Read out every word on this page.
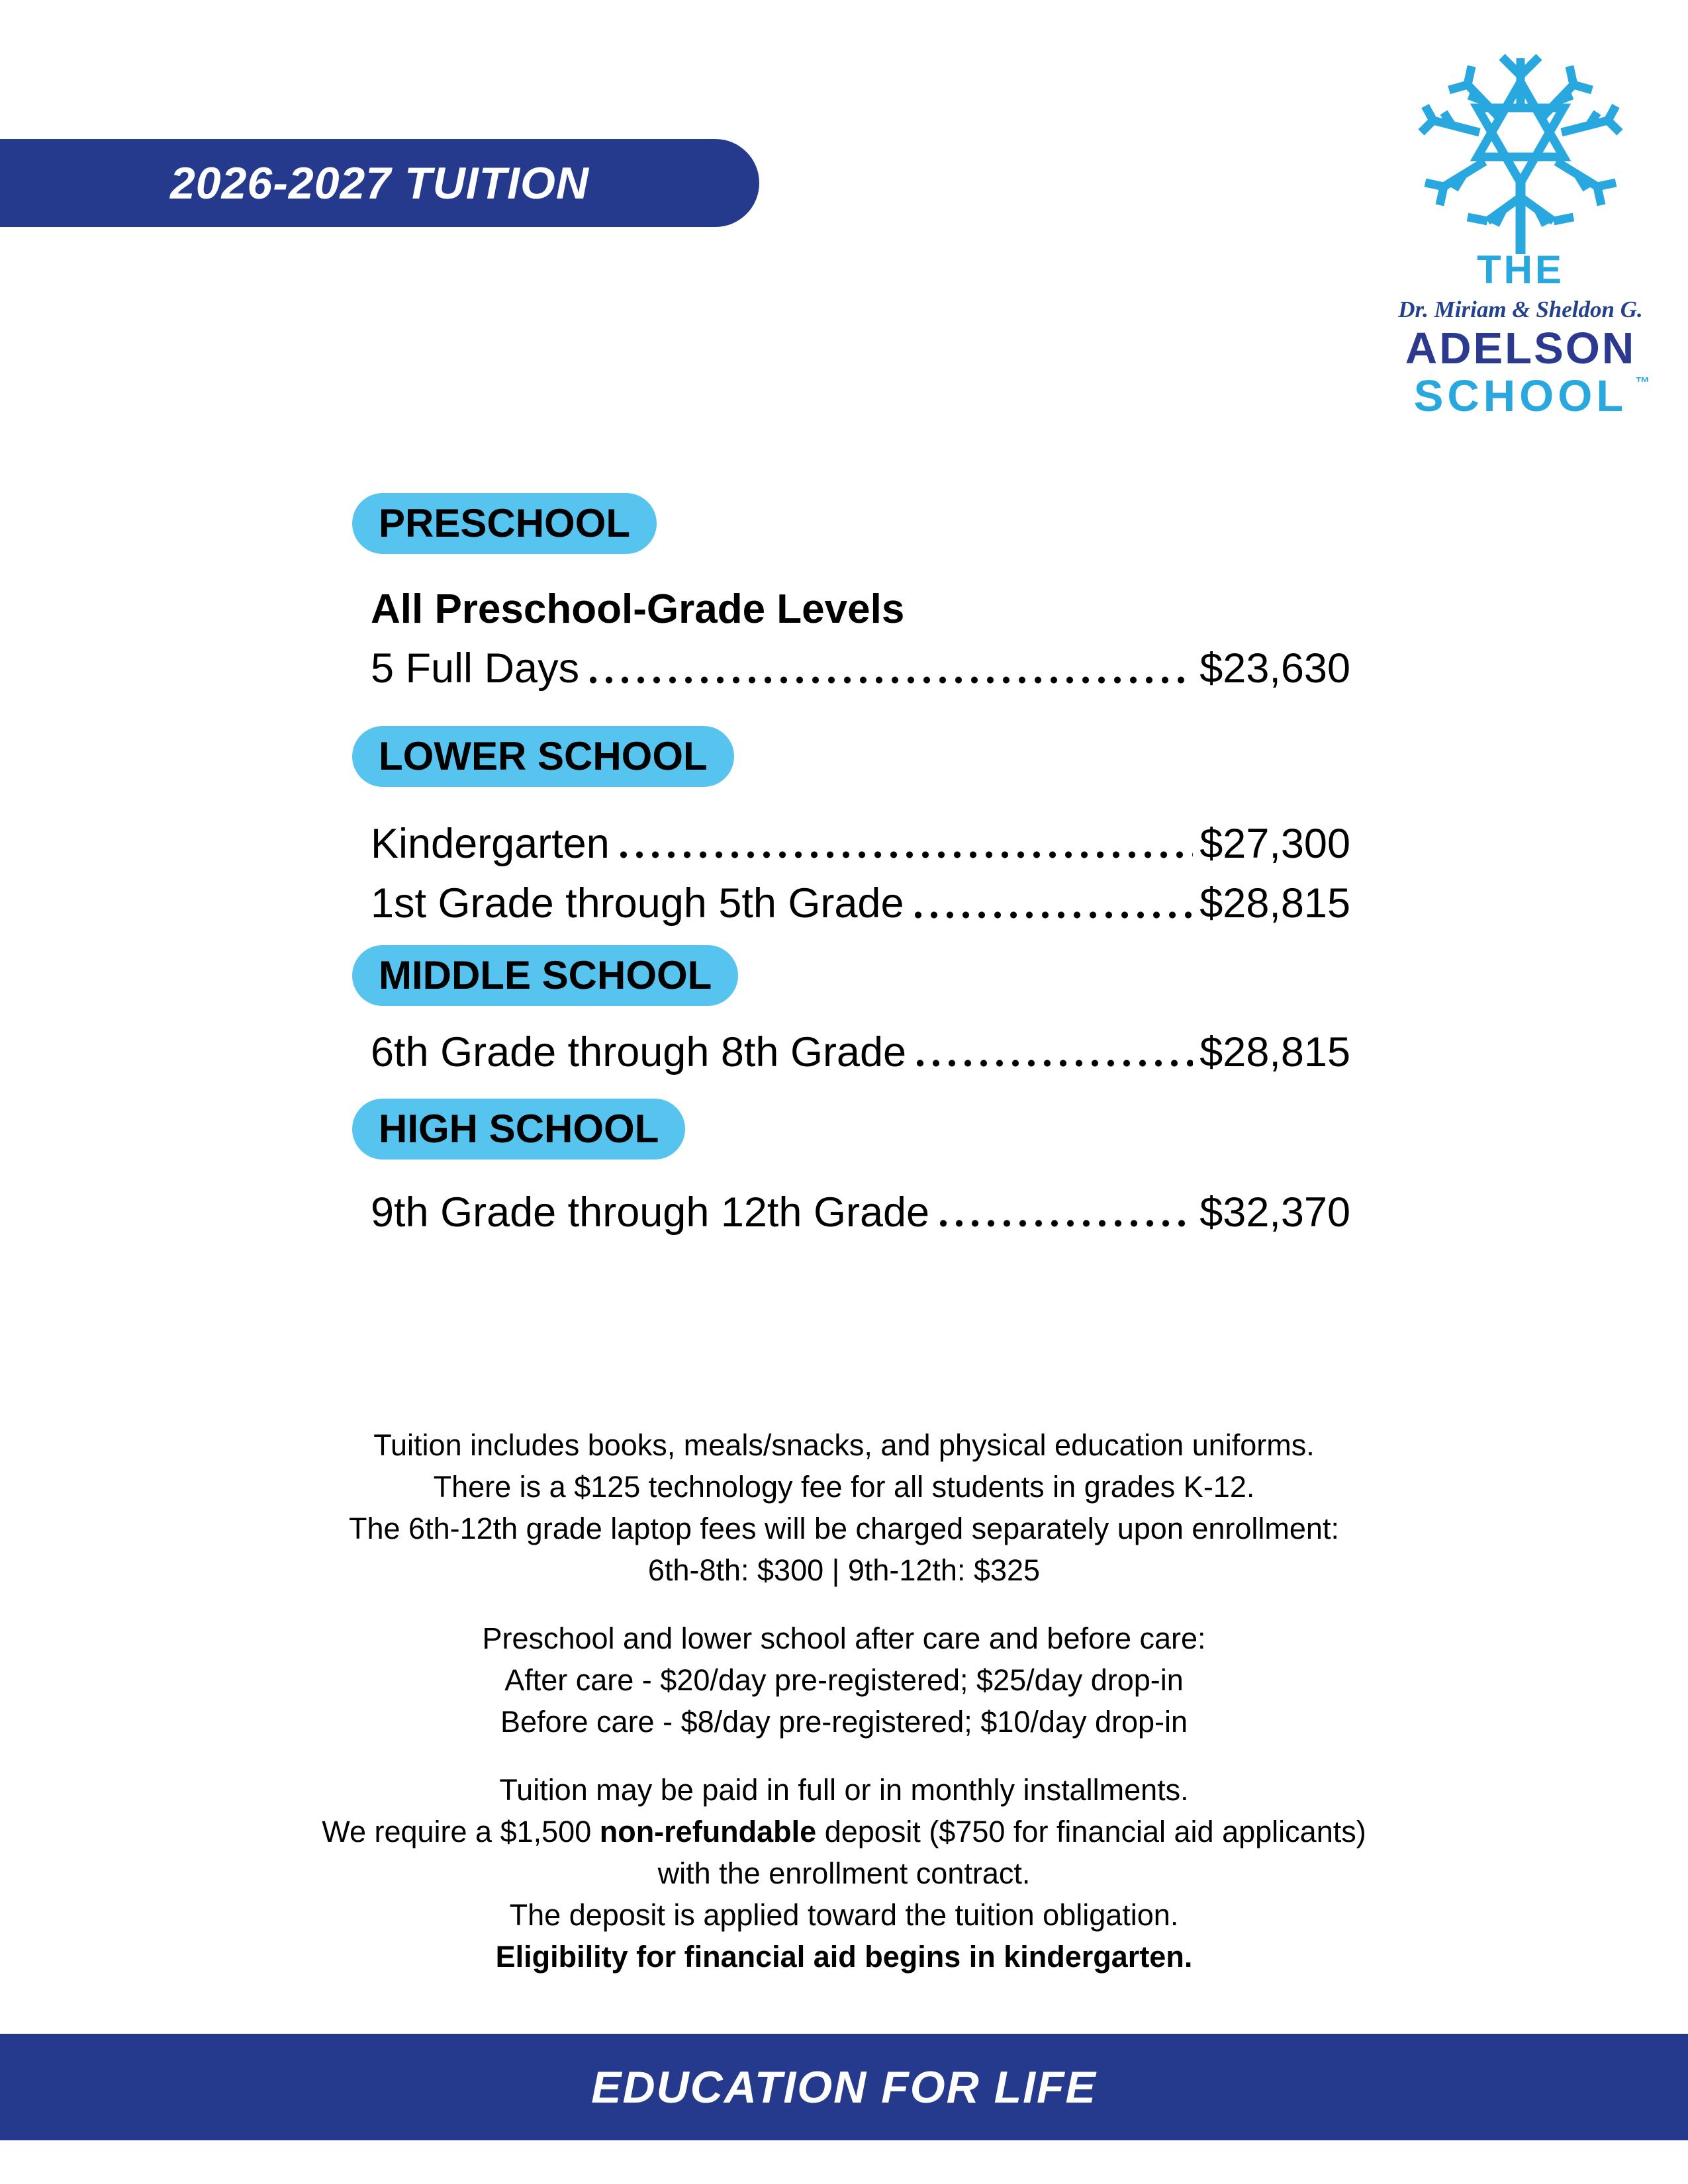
2026-2027 TUITION
THE
Dr. Miriam & Sheldon G.
ADELSON
SCHOOL ™
PRESCHOOL
All Preschool-Grade Levels
5 Full Days	$23,630
LOWER SCHOOL
Kindergarten	$27,300
1st Grade through 5th Grade	$28,815
MIDDLE SCHOOL
6th Grade through 8th Grade	$28,815
HIGH SCHOOL
9th Grade through 12th Grade	$32,370
Tuition includes books, meals/snacks, and physical education uniforms.
There is a $125 technology fee for all students in grades K-12.
The 6th-12th grade laptop fees will be charged separately upon enrollment:
6th-8th: $300 | 9th-12th: $325
Preschool and lower school after care and before care:
After care - $20/day pre-registered; $25/day drop-in
Before care - $8/day pre-registered; $10/day drop-in
Tuition may be paid in full or in monthly installments.
We require a $1,500 non-refundable deposit ($750 for financial aid applicants)
with the enrollment contract.
The deposit is applied toward the tuition obligation.
Eligibility for financial aid begins in kindergarten.
EDUCATION FOR LIFE
